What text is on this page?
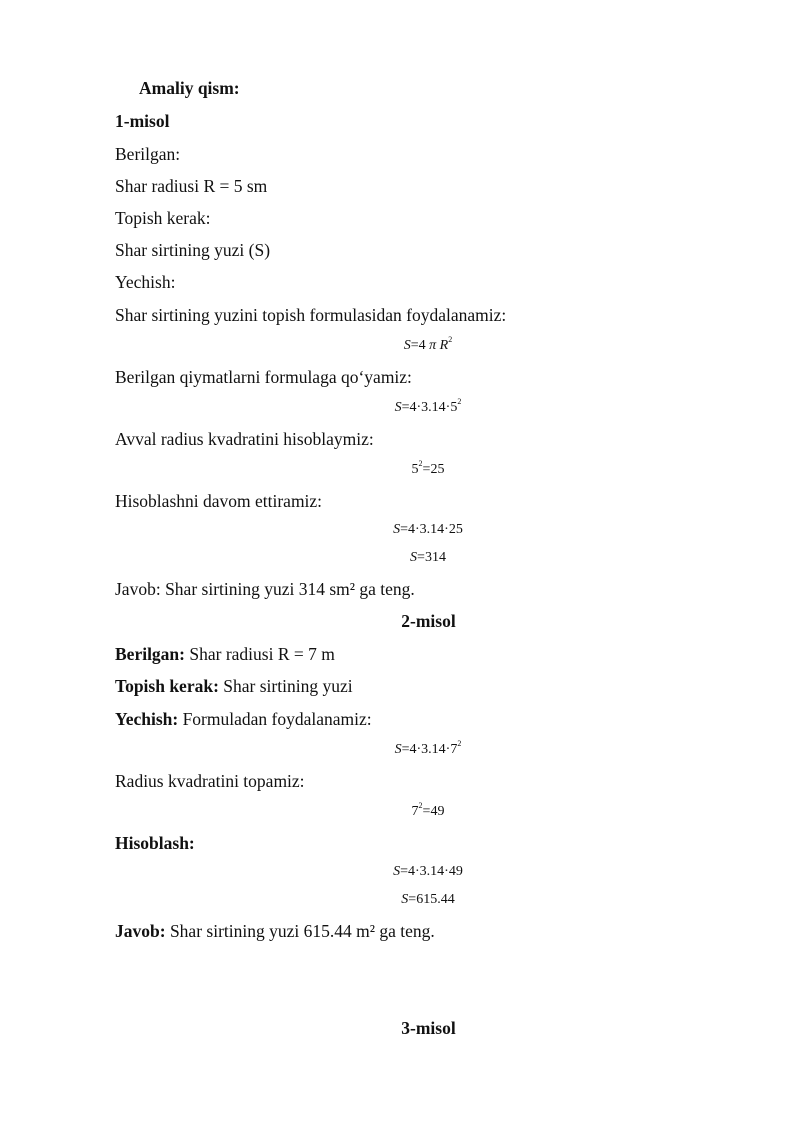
Amaliy qism:
1-misol
Berilgan:
Shar radiusi R = 5 sm
Topish kerak:
Shar sirtining yuzi (S)
Yechish:
Shar sirtining yuzini topish formulasidan foydalanamiz:
S=4 π $R^2$
Berilgan qiymatlarni formulaga qo‘yamiz:
$S=4\cdot 3.14\cdot 5^2$
Avval radius kvadratini hisoblaymiz:
$5^2=25$
Hisoblashni davom ettiramiz:
S=4·3.14·25
S=314
Javob: Shar sirtining yuzi 314 sm² ga teng.
2-misol
Berilgan: Shar radiusi R = 7 m
Topish kerak: Shar sirtining yuzi
Yechish: Formuladan foydalanamiz:
$S=4\cdot 3.14\cdot 7^2$
Radius kvadratini topamiz:
$7^2=49$
Hisoblash:
S=4·3.14·49
S=615.44
Javob: Shar sirtining yuzi 615.44 m² ga teng.
3-misol
